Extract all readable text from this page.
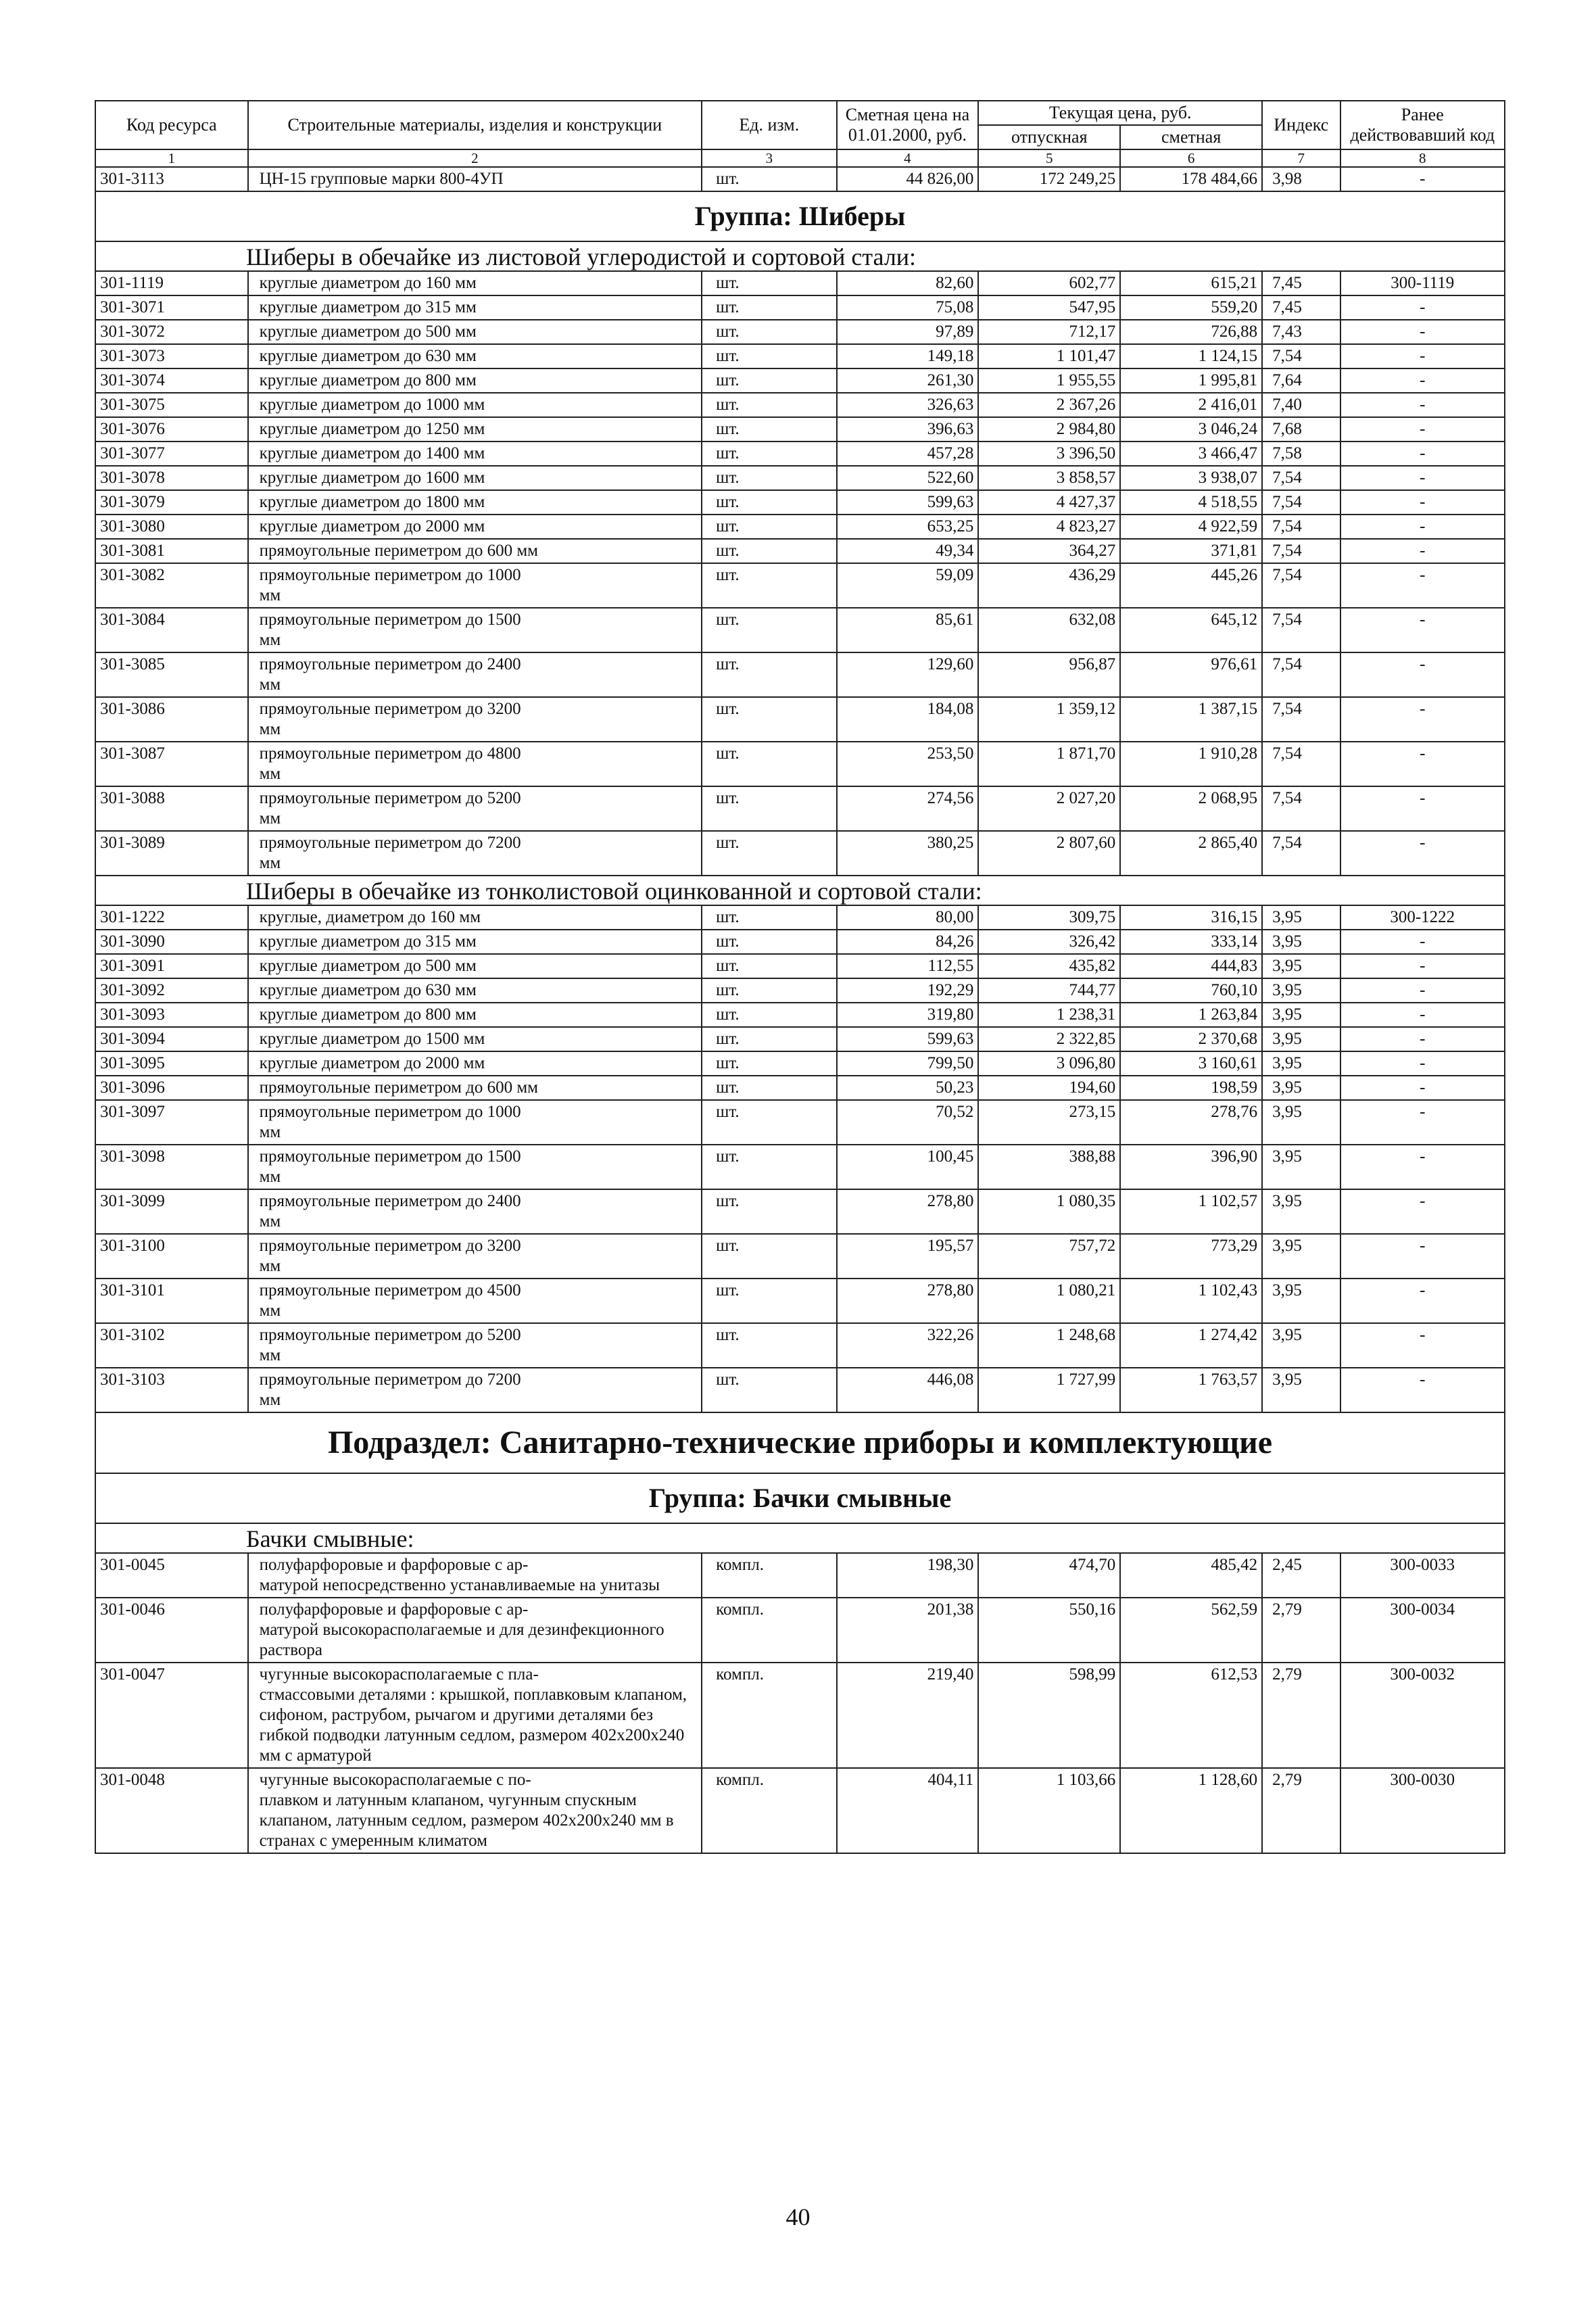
Код ресурса	Строительные материалы, изделия и конструкции	Ед. изм.	Сметная цена на 01.01.2000, руб.	Текущая цена, руб.		Индекс	Ранее действовавший код
				отпускная	сметная		
1	2	3	4	5	6	7	8
301-3113	ЦН-15 групповые марки 800-4УП	шт.	44 826,00	172 249,25	178 484,66	3,98	-
Группа: Шиберы							
Шиберы в обечайке из листовой углеродистой и сортовой стали:							
301-1119	круглые диаметром до 160 мм	шт.	82,60	602,77	615,21	7,45	300-1119
301-3071	круглые диаметром до 315 мм	шт.	75,08	547,95	559,20	7,45	-
301-3072	круглые диаметром до 500 мм	шт.	97,89	712,17	726,88	7,43	-
301-3073	круглые диаметром до 630 мм	шт.	149,18	1 101,47	1 124,15	7,54	-
301-3074	круглые диаметром до 800 мм	шт.	261,30	1 955,55	1 995,81	7,64	-
301-3075	круглые диаметром до 1000 мм	шт.	326,63	2 367,26	2 416,01	7,40	-
301-3076	круглые диаметром до 1250 мм	шт.	396,63	2 984,80	3 046,24	7,68	-
301-3077	круглые диаметром до 1400 мм	шт.	457,28	3 396,50	3 466,47	7,58	-
301-3078	круглые диаметром до 1600 мм	шт.	522,60	3 858,57	3 938,07	7,54	-
301-3079	круглые диаметром до 1800 мм	шт.	599,63	4 427,37	4 518,55	7,54	-
301-3080	круглые диаметром до 2000 мм	шт.	653,25	4 823,27	4 922,59	7,54	-
301-3081	прямоугольные периметром до 600 мм	шт.	49,34	364,27	371,81	7,54	-
301-3082	прямоугольные периметром до 1000
мм	шт.	59,09	436,29	445,26	7,54	-
301-3084	прямоугольные периметром до 1500
мм	шт.	85,61	632,08	645,12	7,54	-
301-3085	прямоугольные периметром до 2400
мм	шт.	129,60	956,87	976,61	7,54	-
301-3086	прямоугольные периметром до 3200
мм	шт.	184,08	1 359,12	1 387,15	7,54	-
301-3087	прямоугольные периметром до 4800
мм	шт.	253,50	1 871,70	1 910,28	7,54	-
301-3088	прямоугольные периметром до 5200
мм	шт.	274,56	2 027,20	2 068,95	7,54	-
301-3089	прямоугольные периметром до 7200
мм	шт.	380,25	2 807,60	2 865,40	7,54	-
Шиберы в обечайке из тонколистовой оцинкованной и сортовой стали:							
301-1222	круглые, диаметром до 160 мм	шт.	80,00	309,75	316,15	3,95	300-1222
301-3090	круглые диаметром до 315 мм	шт.	84,26	326,42	333,14	3,95	-
301-3091	круглые диаметром до 500 мм	шт.	112,55	435,82	444,83	3,95	-
301-3092	круглые диаметром до 630 мм	шт.	192,29	744,77	760,10	3,95	-
301-3093	круглые диаметром до 800 мм	шт.	319,80	1 238,31	1 263,84	3,95	-
301-3094	круглые диаметром до 1500 мм	шт.	599,63	2 322,85	2 370,68	3,95	-
301-3095	круглые диаметром до 2000 мм	шт.	799,50	3 096,80	3 160,61	3,95	-
301-3096	прямоугольные периметром до 600 мм	шт.	50,23	194,60	198,59	3,95	-
301-3097	прямоугольные периметром до 1000
мм	шт.	70,52	273,15	278,76	3,95	-
301-3098	прямоугольные периметром до 1500
мм	шт.	100,45	388,88	396,90	3,95	-
301-3099	прямоугольные периметром до 2400
мм	шт.	278,80	1 080,35	1 102,57	3,95	-
301-3100	прямоугольные периметром до 3200
мм	шт.	195,57	757,72	773,29	3,95	-
301-3101	прямоугольные периметром до 4500
мм	шт.	278,80	1 080,21	1 102,43	3,95	-
301-3102	прямоугольные периметром до 5200
мм	шт.	322,26	1 248,68	1 274,42	3,95	-
301-3103	прямоугольные периметром до 7200
мм	шт.	446,08	1 727,99	1 763,57	3,95	-
Подраздел: Санитарно-технические приборы и комплектующие							
Группа: Бачки смывные							
Бачки смывные:							
301-0045	полуфарфоровые и фарфоровые с ар-
матурой непосредственно устанавливаемые на унитазы	компл.	198,30	474,70	485,42	2,45	300-0033
301-0046	полуфарфоровые и фарфоровые с ар-
матурой высокорасполагаемые и для дезинфекционного раствора	компл.	201,38	550,16	562,59	2,79	300-0034
301-0047	чугунные высокорасполагаемые с пла-
стмассовыми деталями : крышкой, поплавковым клапаном, сифоном, раструбом, рычагом и другими деталями без гибкой подводки латунным седлом, размером 402х200х240 мм с арматурой	компл.	219,40	598,99	612,53	2,79	300-0032
301-0048	чугунные высокорасполагаемые с по-
плавком и латунным клапаном, чугунным спускным клапаном, латунным седлом, размером 402х200х240 мм в странах с умеренным климатом	компл.	404,11	1 103,66	1 128,60	2,79	300-0030
40
